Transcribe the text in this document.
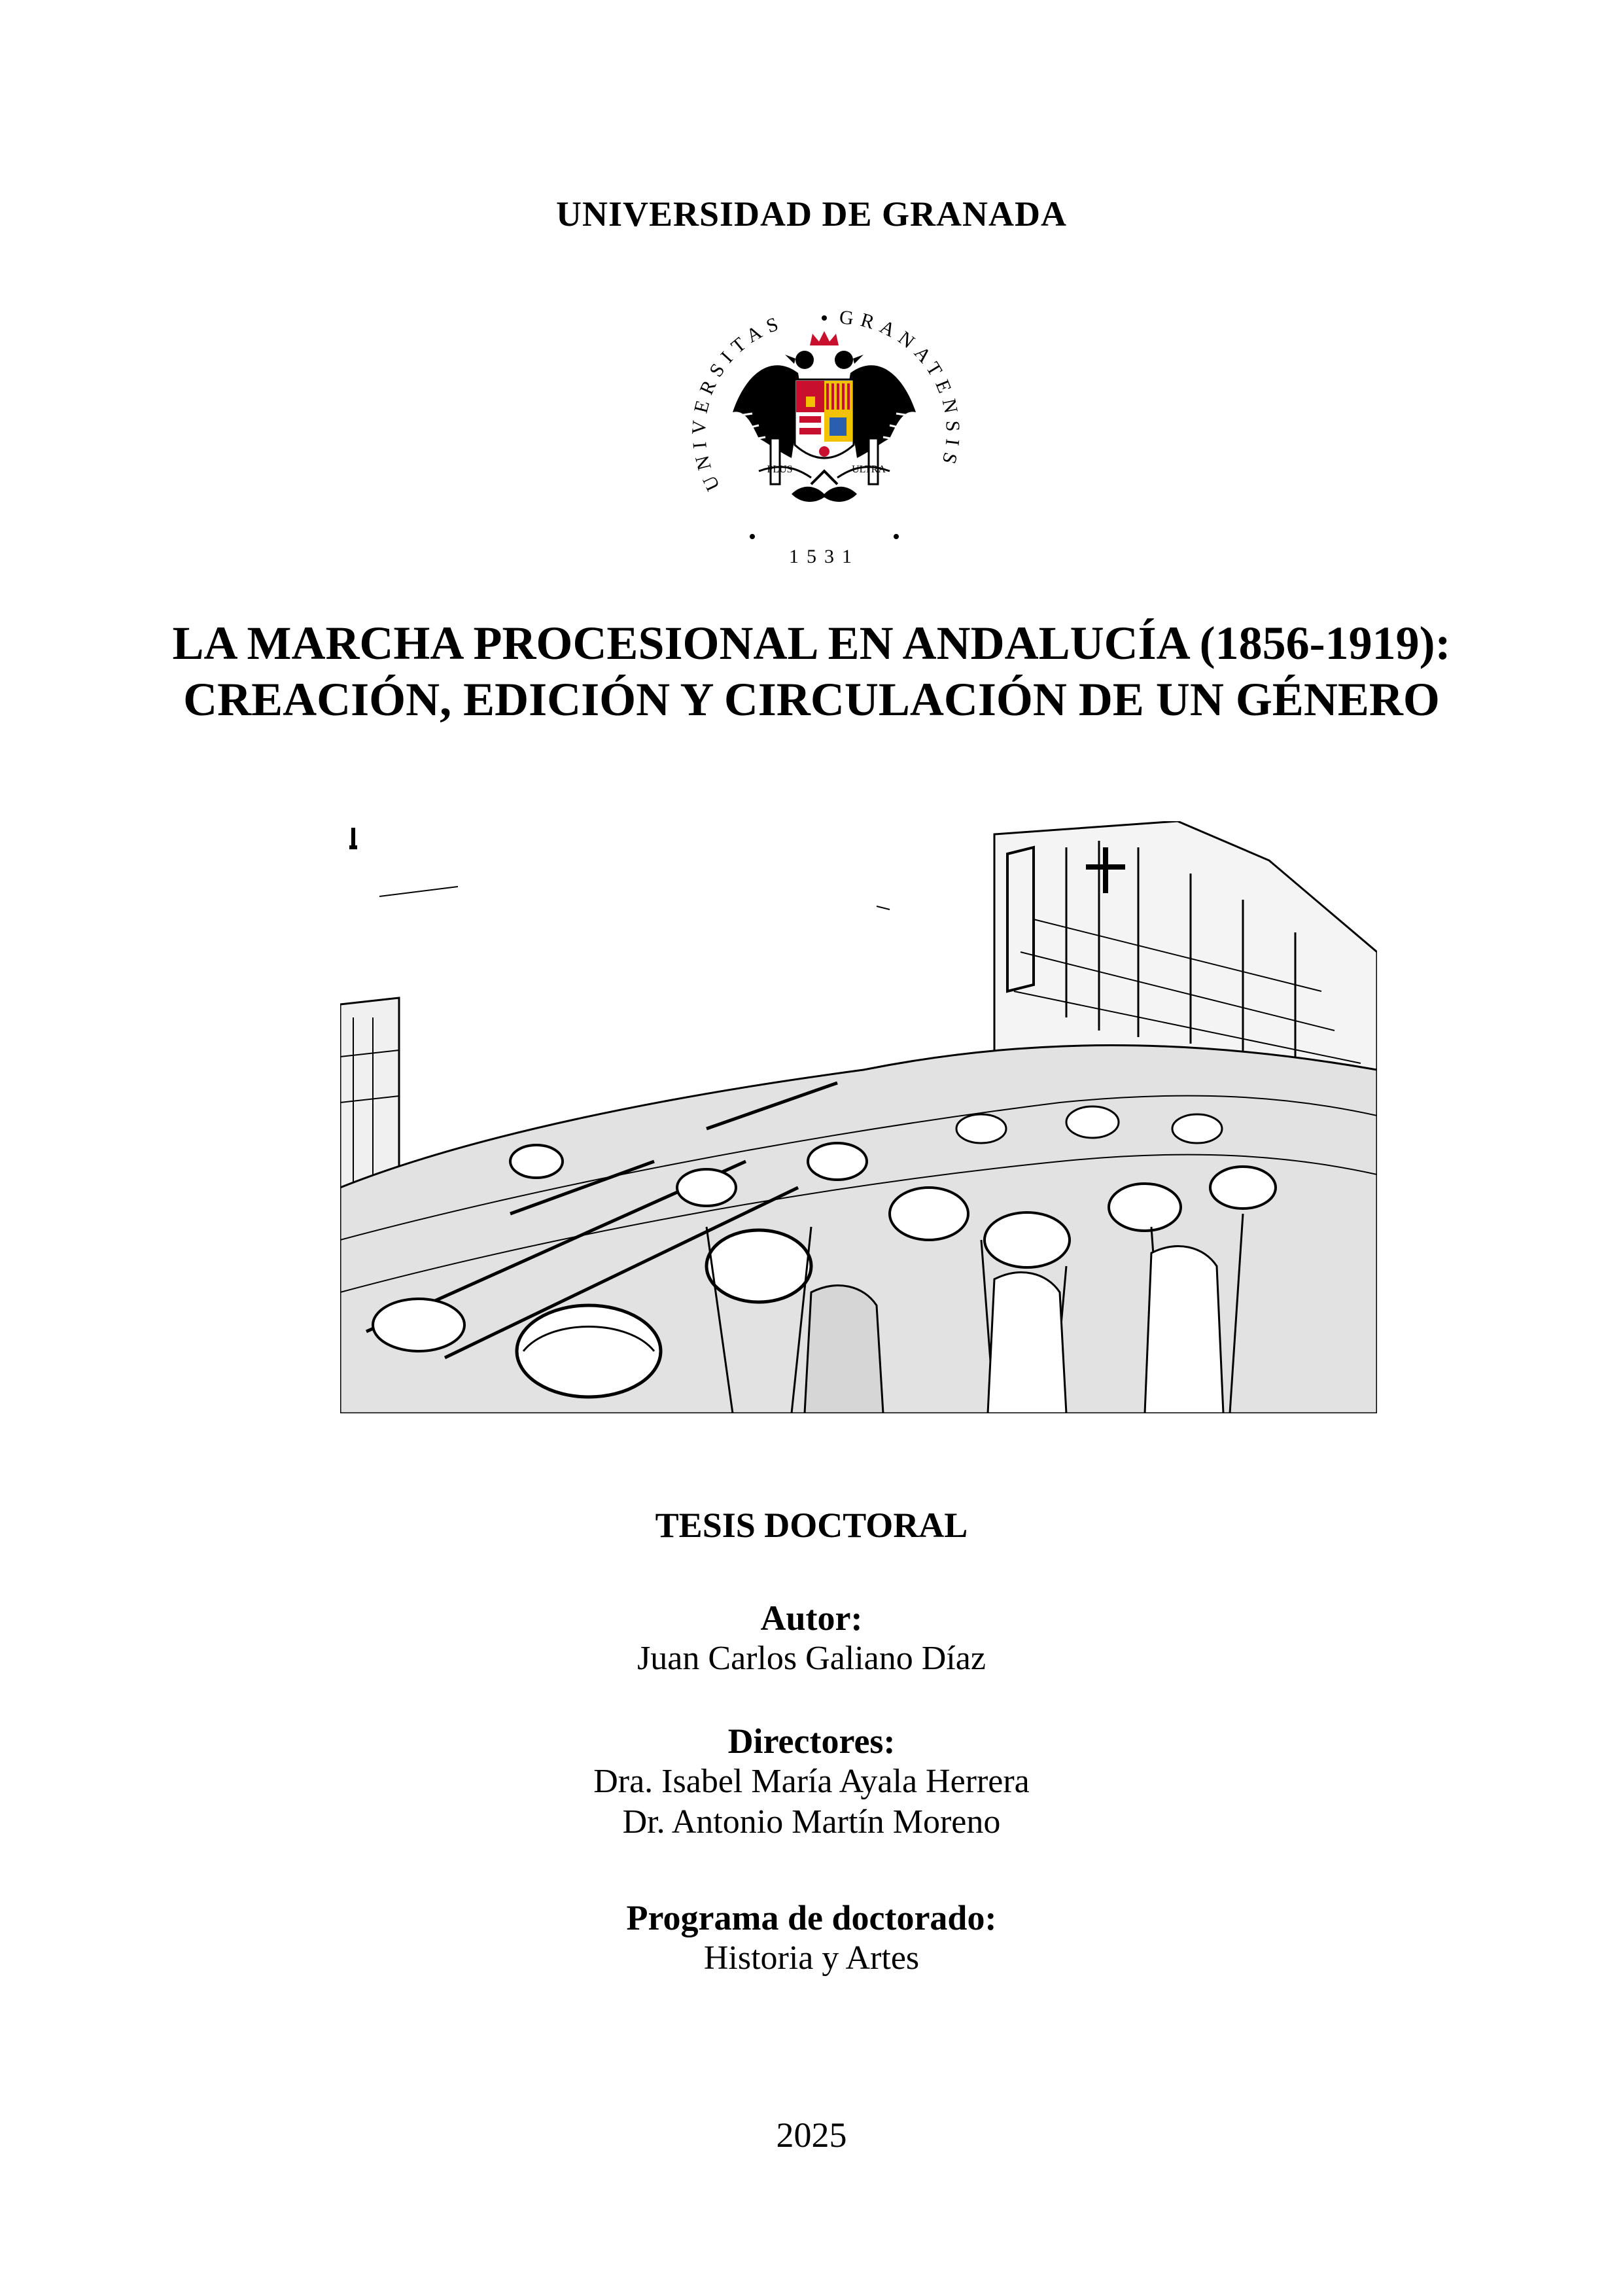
UNIVERSIDAD DE GRANADA
UNIVERSITAS	GRANATENSIS
1531
PLUS	ULTRA
LA MARCHA PROCESIONAL EN ANDALUCÍA (1856-1919):
CREACIÓN, EDICIÓN Y CIRCULACIÓN DE UN GÉNERO
TESIS DOCTORAL
Autor:
Juan Carlos Galiano Díaz
Directores:
Dra. Isabel María Ayala Herrera
Dr. Antonio Martín Moreno
Programa de doctorado:
Historia y Artes
2025
